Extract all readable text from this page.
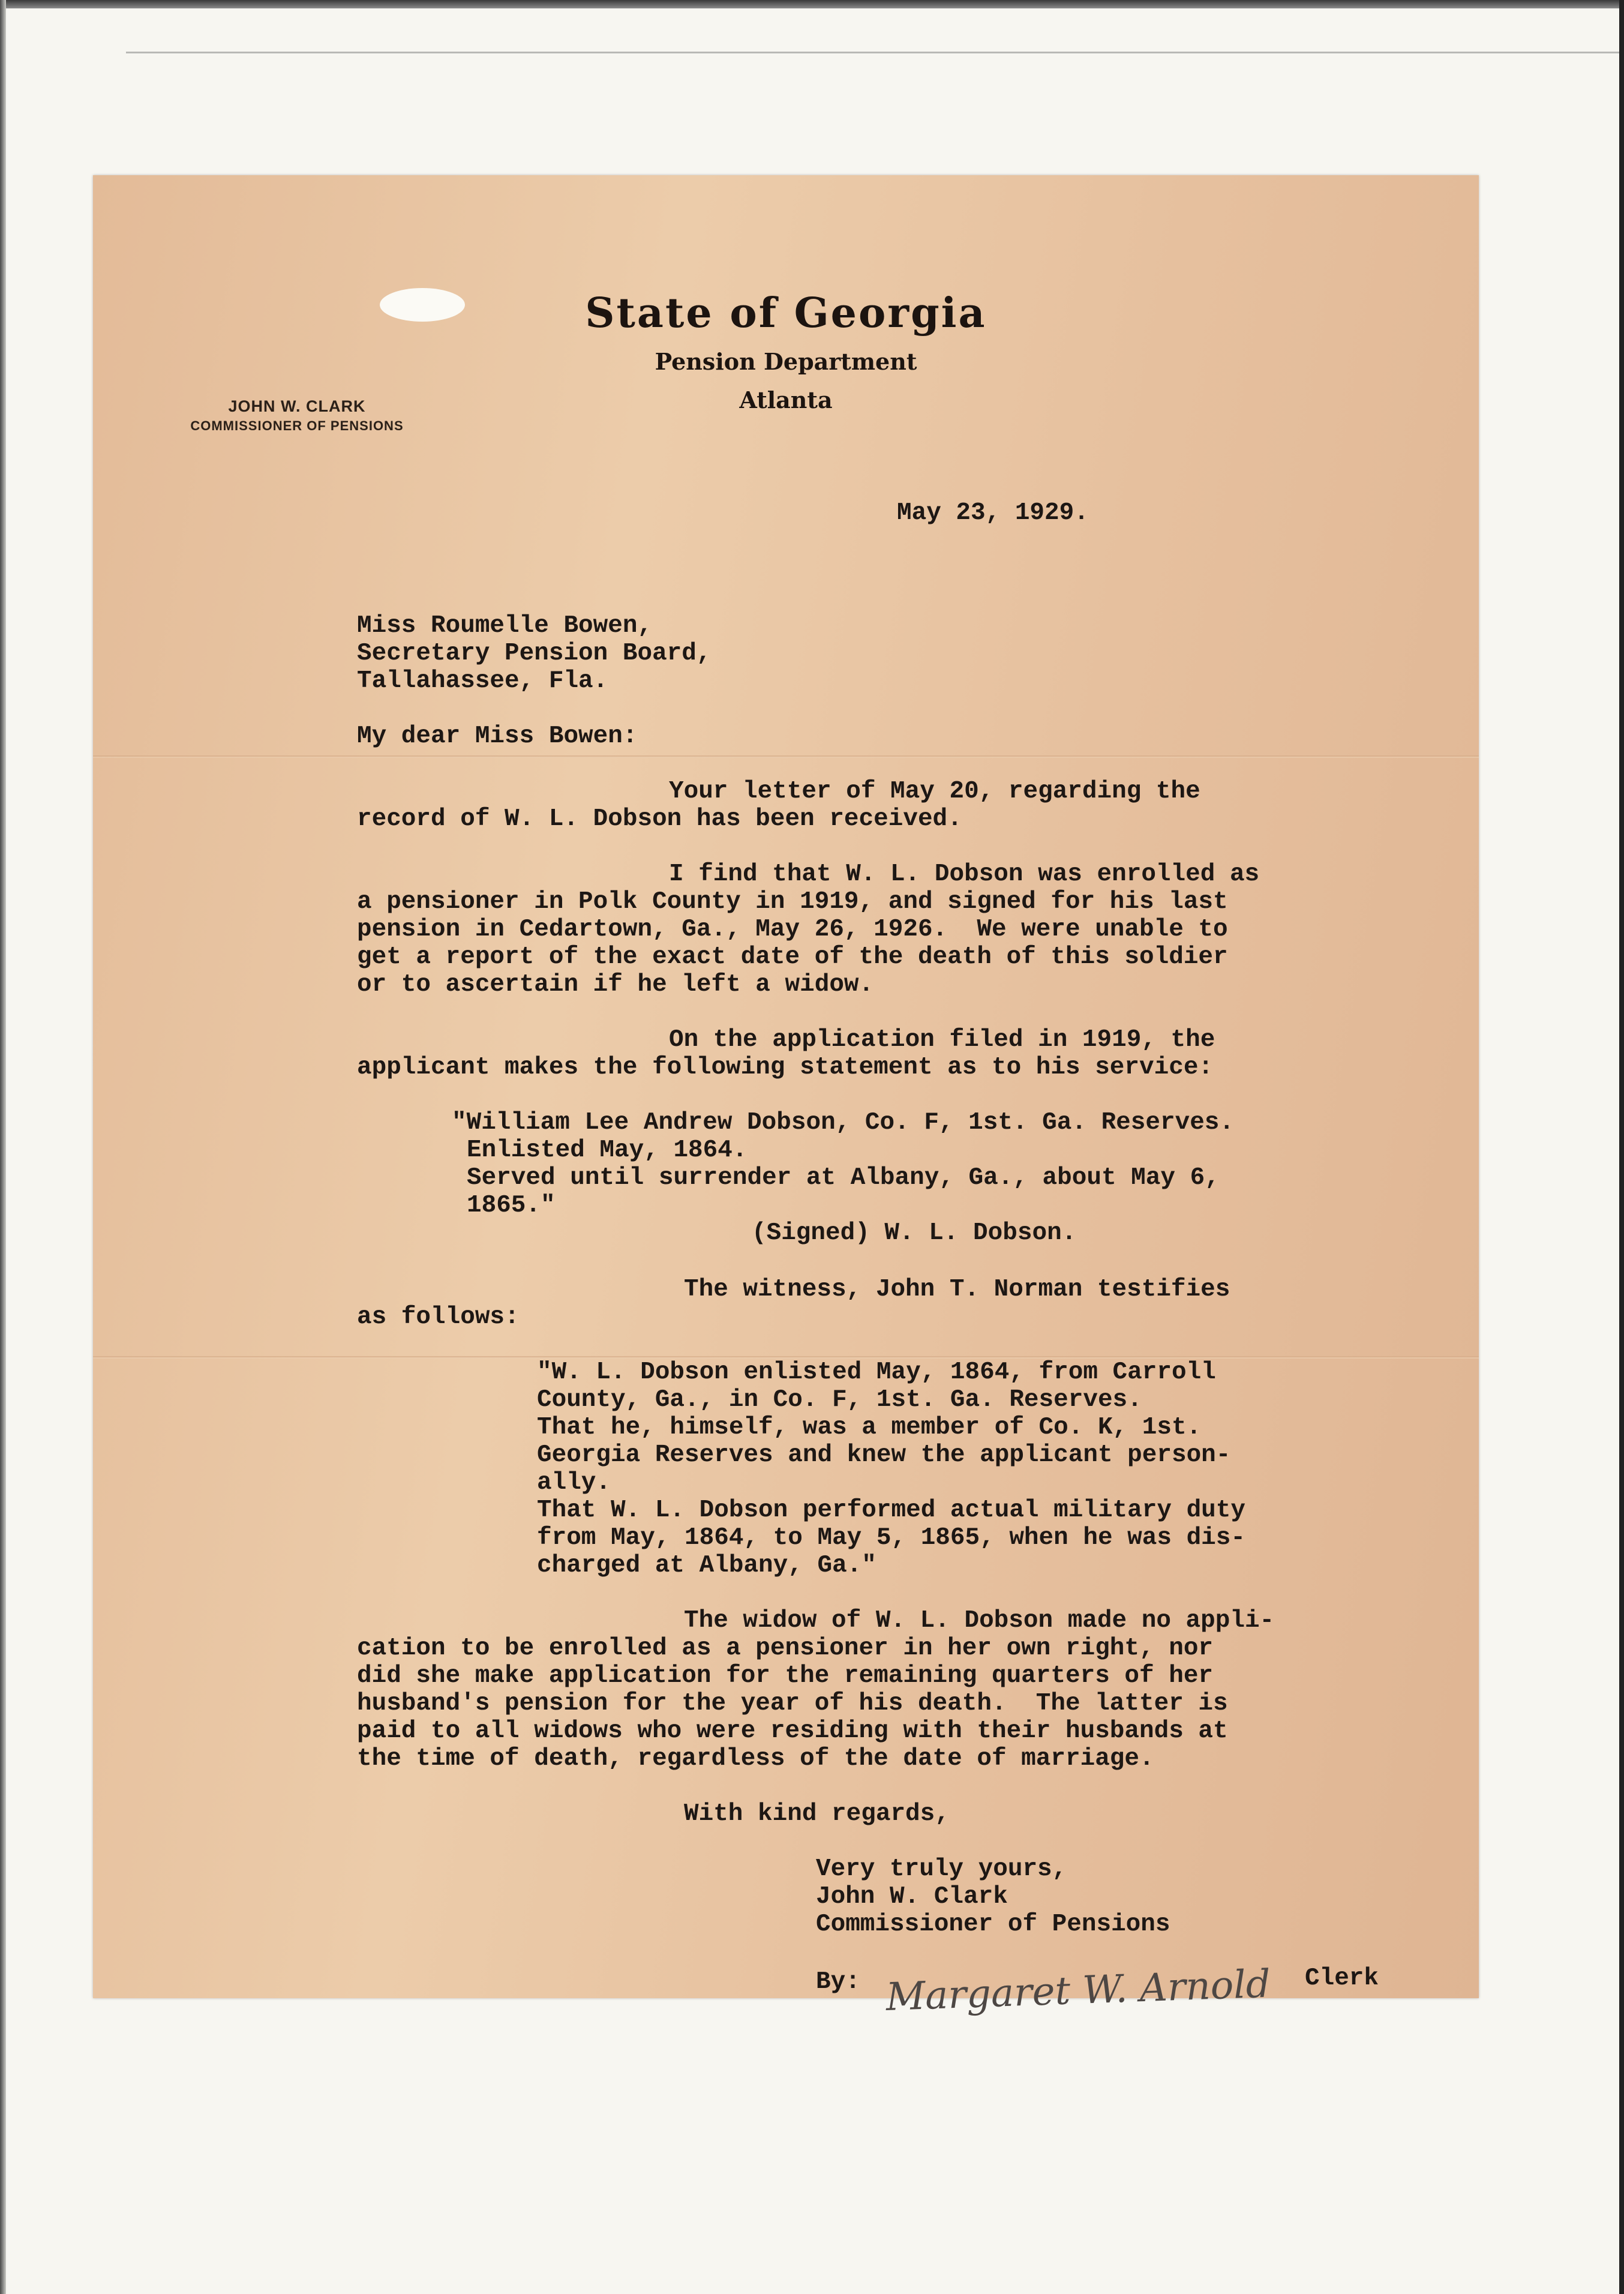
State of Georgia
Pension Department
Atlanta
JOHN W. CLARK
COMMISSIONER OF PENSIONS
May 23, 1929.
Miss Roumelle Bowen,
Secretary Pension Board,
Tallahassee, Fla.
My dear Miss Bowen:
Your letter of May 20, regarding the
record of W. L. Dobson has been received.
I find that W. L. Dobson was enrolled as
a pensioner in Polk County in 1919, and signed for his last
pension in Cedartown, Ga., May 26, 1926.  We were unable to
get a report of the exact date of the death of this soldier
or to ascertain if he left a widow.
On the application filed in 1919, the
applicant makes the following statement as to his service:
"William Lee Andrew Dobson, Co. F, 1st. Ga. Reserves.
Enlisted May, 1864.
Served until surrender at Albany, Ga., about May 6,
1865."
(Signed) W. L. Dobson.
The witness, John T. Norman testifies
as follows:
"W. L. Dobson enlisted May, 1864, from Carroll
County, Ga., in Co. F, 1st. Ga. Reserves.
That he, himself, was a member of Co. K, 1st.
Georgia Reserves and knew the applicant person-
ally.
That W. L. Dobson performed actual military duty
from May, 1864, to May 5, 1865, when he was dis-
charged at Albany, Ga."
The widow of W. L. Dobson made no appli-
cation to be enrolled as a pensioner in her own right, nor
did she make application for the remaining quarters of her
husband's pension for the year of his death.  The latter is
paid to all widows who were residing with their husbands at
the time of death, regardless of the date of marriage.
With kind regards,
Very truly yours,
John W. Clark
Commissioner of Pensions
By: Margaret W. Arnold Clerk
